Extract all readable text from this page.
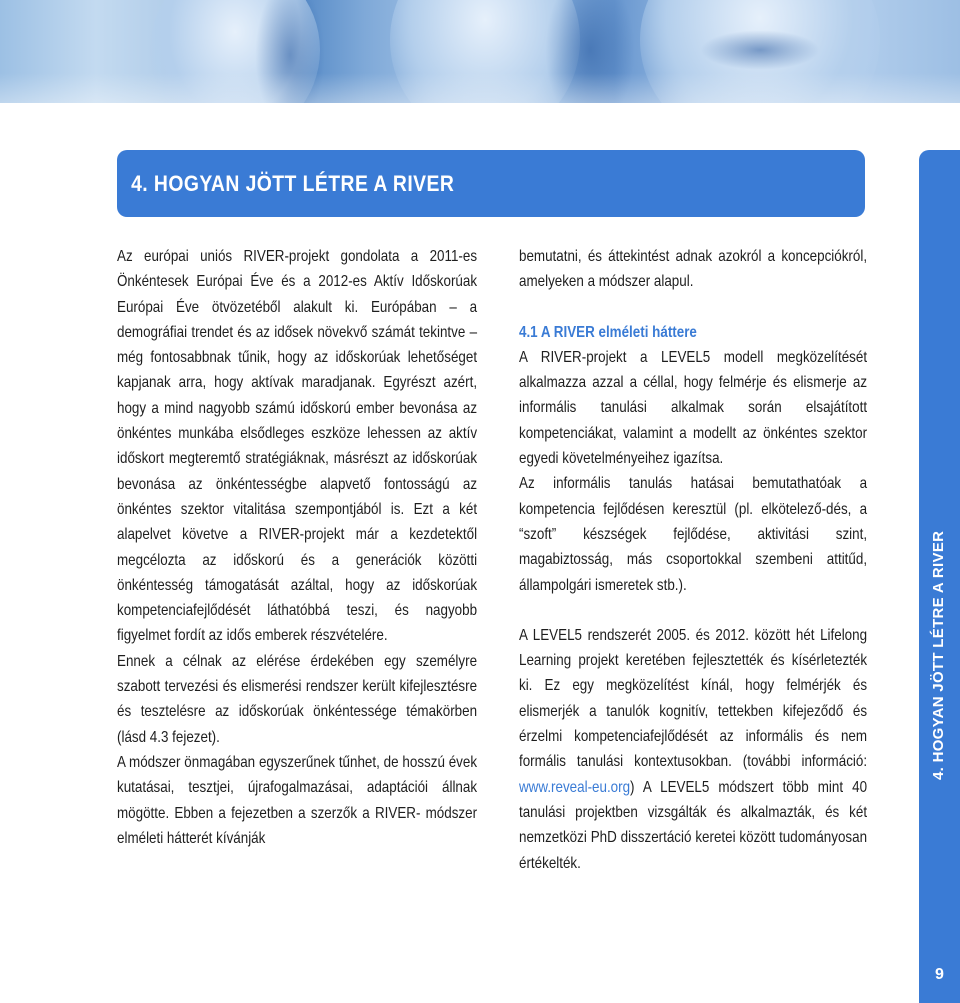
4. HOGYAN JÖTT LÉTRE A RIVER
4. HOGYAN JÖTT LÉTRE A RIVER
9

Az európai uniós RIVER-projekt gondolata a 2011-es Önkéntesek Európai Éve és a 2012-es Aktív Időskorúak Európai Éve ötvözetéből alakult ki. Európában – a demográfiai trendet és az idősek növekvő számát tekintve – még fontosabbnak tűnik, hogy az időskorúak lehetőséget kapjanak arra, hogy aktívak maradjanak. Egyrészt azért, hogy a mind nagyobb számú időskorú ember bevonása az önkéntes munkába elsődleges eszköze lehessen az aktív időskort megteremtő stratégiáknak, másrészt az időskorúak bevonása az önkéntességbe alapvető fontosságú az önkéntes szektor vitalitása szempontjából is. Ezt a két alapelvet követve a RIVER-projekt már a kezdetektől megcélozta az időskorú és a generációk közötti önkéntesség támogatását azáltal, hogy az időskorúak kompetenciafejlődését láthatóbbá teszi, és nagyobb figyelmet fordít az idős emberek részvételére.

Ennek a célnak az elérése érdekében egy személyre szabott tervezési és elismerési rendszer került kifejlesztésre és tesztelésre az időskorúak önkéntessége témakörben (lásd 4.3 fejezet).

A módszer önmagában egyszerűnek tűnhet, de hosszú évek kutatásai, tesztjei, újrafogalmazásai, adaptációi állnak mögötte. Ebben a fejezetben a szerzők a RIVER- módszer elméleti hátterét kívánják

bemutatni, és áttekintést adnak azokról a koncepciókról, amelyeken a módszer alapul.

4.1 A RIVER elméleti háttere

A RIVER-projekt a LEVEL5 modell megközelítését alkalmazza azzal a céllal, hogy felmérje és elismerje az informális tanulási alkalmak során elsajátított kompetenciákat, valamint a modellt az önkéntes szektor egyedi követelményeihez igazítsa.

Az informális tanulás hatásai bemutathatóak a kompetencia fejlődésen keresztül (pl. elkötelező-dés, a “szoft” készségek fejlődése, aktivitási szint, magabiztosság, más csoportokkal szembeni attitűd, állampolgári ismeretek stb.).

A LEVEL5 rendszerét 2005. és 2012. között hét Lifelong Learning projekt keretében fejlesztették és kísérletezték ki. Ez egy megközelítést kínál, hogy felmérjék és elismerjék a tanulók kognitív, tettekben kifejeződő és érzelmi kompetenciafejlődését az informális és nem formális tanulási kontextusokban. (további információ: www.reveal-eu.org) A LEVEL5 módszert több mint 40 tanulási projektben vizsgálták és alkalmazták, és két nemzetközi PhD disszertáció keretei között tudományosan értékelték.
